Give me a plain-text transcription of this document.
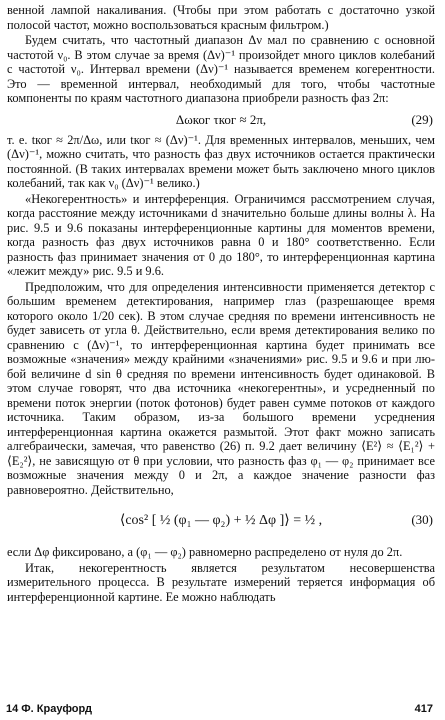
венной лампой накаливания. (Чтобы при этом работать с достаточно узкой полосой частот, можно воспользоваться красным фильтром.)

Будем считать, что частотный диапазон Δν мал по сравнению с основной частотой ν₀. В этом случае за время (Δν)⁻¹ произойдет много циклов колебаний с частотой ν₀. Интервал времени (Δν)⁻¹ называется временем когерентности. Это — временной интервал, необходимый для того, чтобы частотные компоненты по краям частотного диапазона приобрели разность фаз 2π:

Δωког τког ≈ 2π,	(29)

т. е. tког ≈ 2π/Δω, или tког ≈ (Δν)⁻¹. Для временных интервалов, меньших, чем (Δν)⁻¹, можно считать, что разность фаз двух источников остается практически постоянной. (В таких интервалах времени может быть заключено много циклов колебаний, так как ν₀ (Δν)⁻¹ велико.)

«Некогерентность» и интерференция. Ограничимся рассмотрением случая, когда расстояние между источниками d значительно больше длины волны λ. На рис. 9.5 и 9.6 показаны интерференционные картины для моментов времени, когда разность фаз двух источников равна 0 и 180° соответственно. Если разность фаз принимает значения от 0 до 180°, то интерференционная картина «лежит между» рис. 9.5 и 9.6.

Предположим, что для определения интенсивности применяется детектор с большим временем детектирования, например глаз (разрешающее время которого около 1/20 сек). В этом случае средняя по времени интенсивность не будет зависеть от угла θ. Действительно, если время детектирования велико по сравнению с (Δν)⁻¹, то интерференционная картина будет принимать все возможные «значения» между крайними «значениями» рис. 9.5 и 9.6 и при любой величине d sin θ средняя по времени интенсивность будет одинаковой. В этом случае говорят, что два источника «некогерентны», и усредненный по времени поток энергии (поток фотонов) будет равен сумме потоков от каждого источника. Таким образом, из-за большого времени усреднения интерференционная картина окажется размытой. Этот факт можно записать алгебраически, замечая, что равенство (26) п. 9.2 дает величину ⟨E²⟩ ≈ ⟨E₁²⟩ + ⟨E₂²⟩, не зависящую от θ при условии, что разность фаз φ₁ — φ₂ принимает все возможные значения между 0 и 2π, а каждое значение разности фаз равновероятно. Действительно,

⟨cos² [ ½ (φ₁ — φ₂) + ½ Δφ ]⟩ = ½ ,	(30)

если Δφ фиксировано, а (φ₁ — φ₂) равномерно распределено от нуля до 2π.

Итак, некогерентность является результатом несовершенства измерительного процесса. В результате измерений теряется информация об интерференционной картине. Ее можно наблюдать

14 Ф. Крауфорд	417
